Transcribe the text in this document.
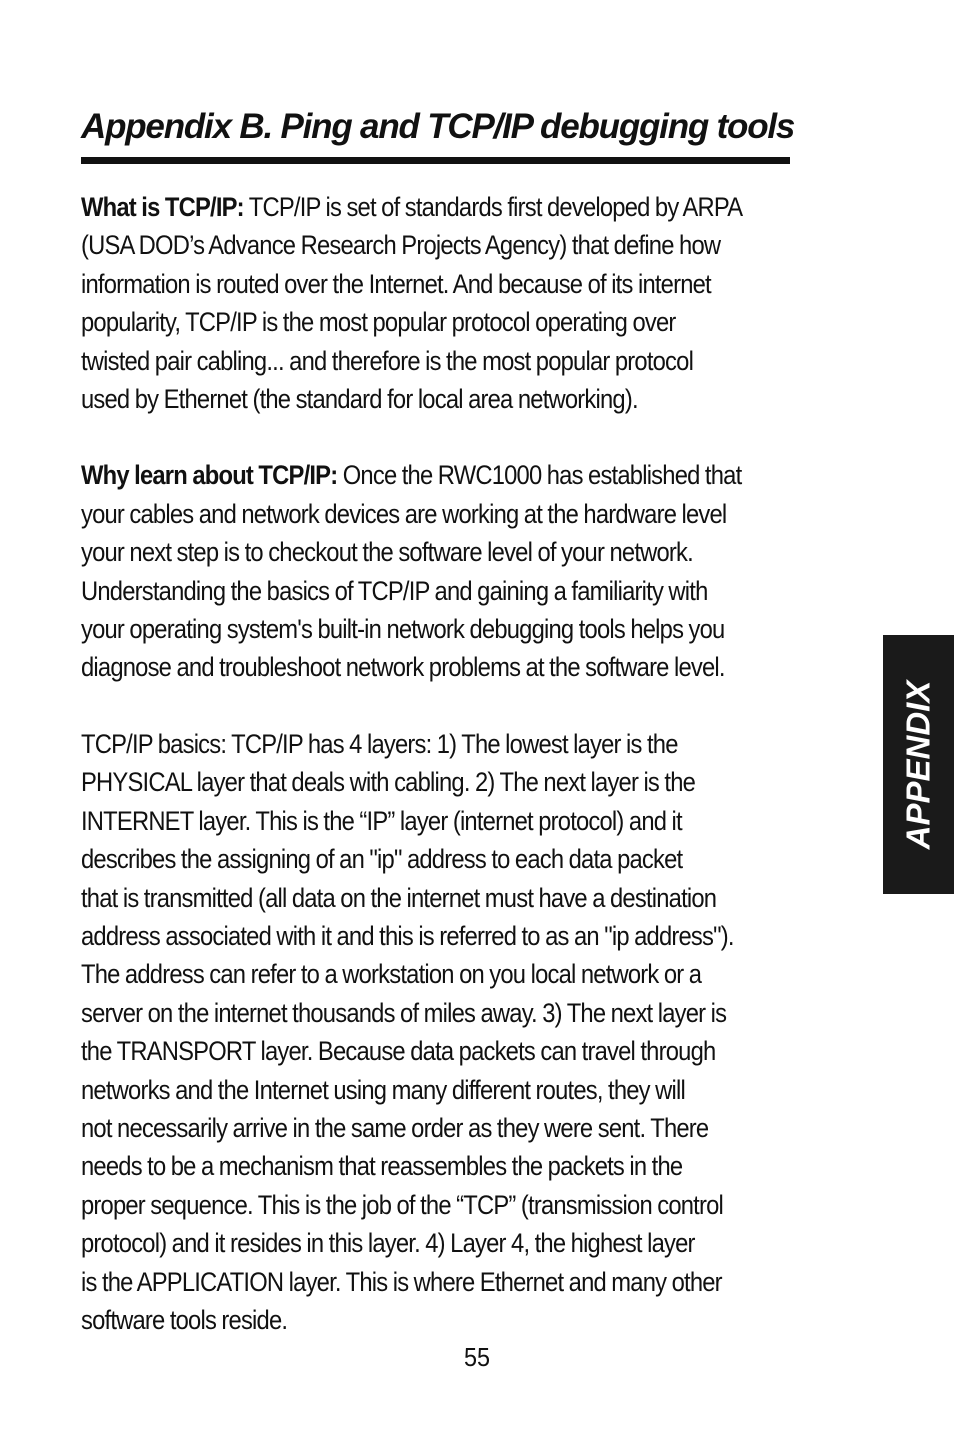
Appendix B. Ping and TCP/IP debugging tools

What is TCP/IP: TCP/IP is set of standards first developed by ARPA
(USA DOD’s Advance Research Projects Agency) that define how
information is routed over the Internet. And because of its internet
popularity, TCP/IP is the most popular protocol operating over
twisted pair cabling... and therefore is the most popular protocol
used by Ethernet (the standard for local area networking).

Why learn about TCP/IP: Once the RWC1000 has established that
your cables and network devices are working at the hardware level
your next step is to checkout the software level of your network.
Understanding the basics of TCP/IP and gaining a familiarity with
your operating system's built-in network debugging tools helps you
diagnose and troubleshoot network problems at the software level.

TCP/IP basics: TCP/IP has 4 layers: 1) The lowest layer is the
PHYSICAL layer that deals with cabling. 2) The next layer is the
INTERNET layer. This is the “IP” layer (internet protocol) and it
describes the assigning of an "ip" address to each data packet
that is transmitted (all data on the internet must have a destination
address associated with it and this is referred to as an "ip address").
The address can refer to a workstation on you local network or a
server on the internet thousands of miles away. 3) The next layer is
the TRANSPORT layer. Because data packets can travel through
networks and the Internet using many different routes, they will
not necessarily arrive in the same order as they were sent. There
needs to be a mechanism that reassembles the packets in the
proper sequence. This is the job of the “TCP” (transmission control
protocol) and it resides in this layer. 4) Layer 4, the highest layer
is the APPLICATION layer. This is where Ethernet and many other
software tools reside.

55
APPENDIX
